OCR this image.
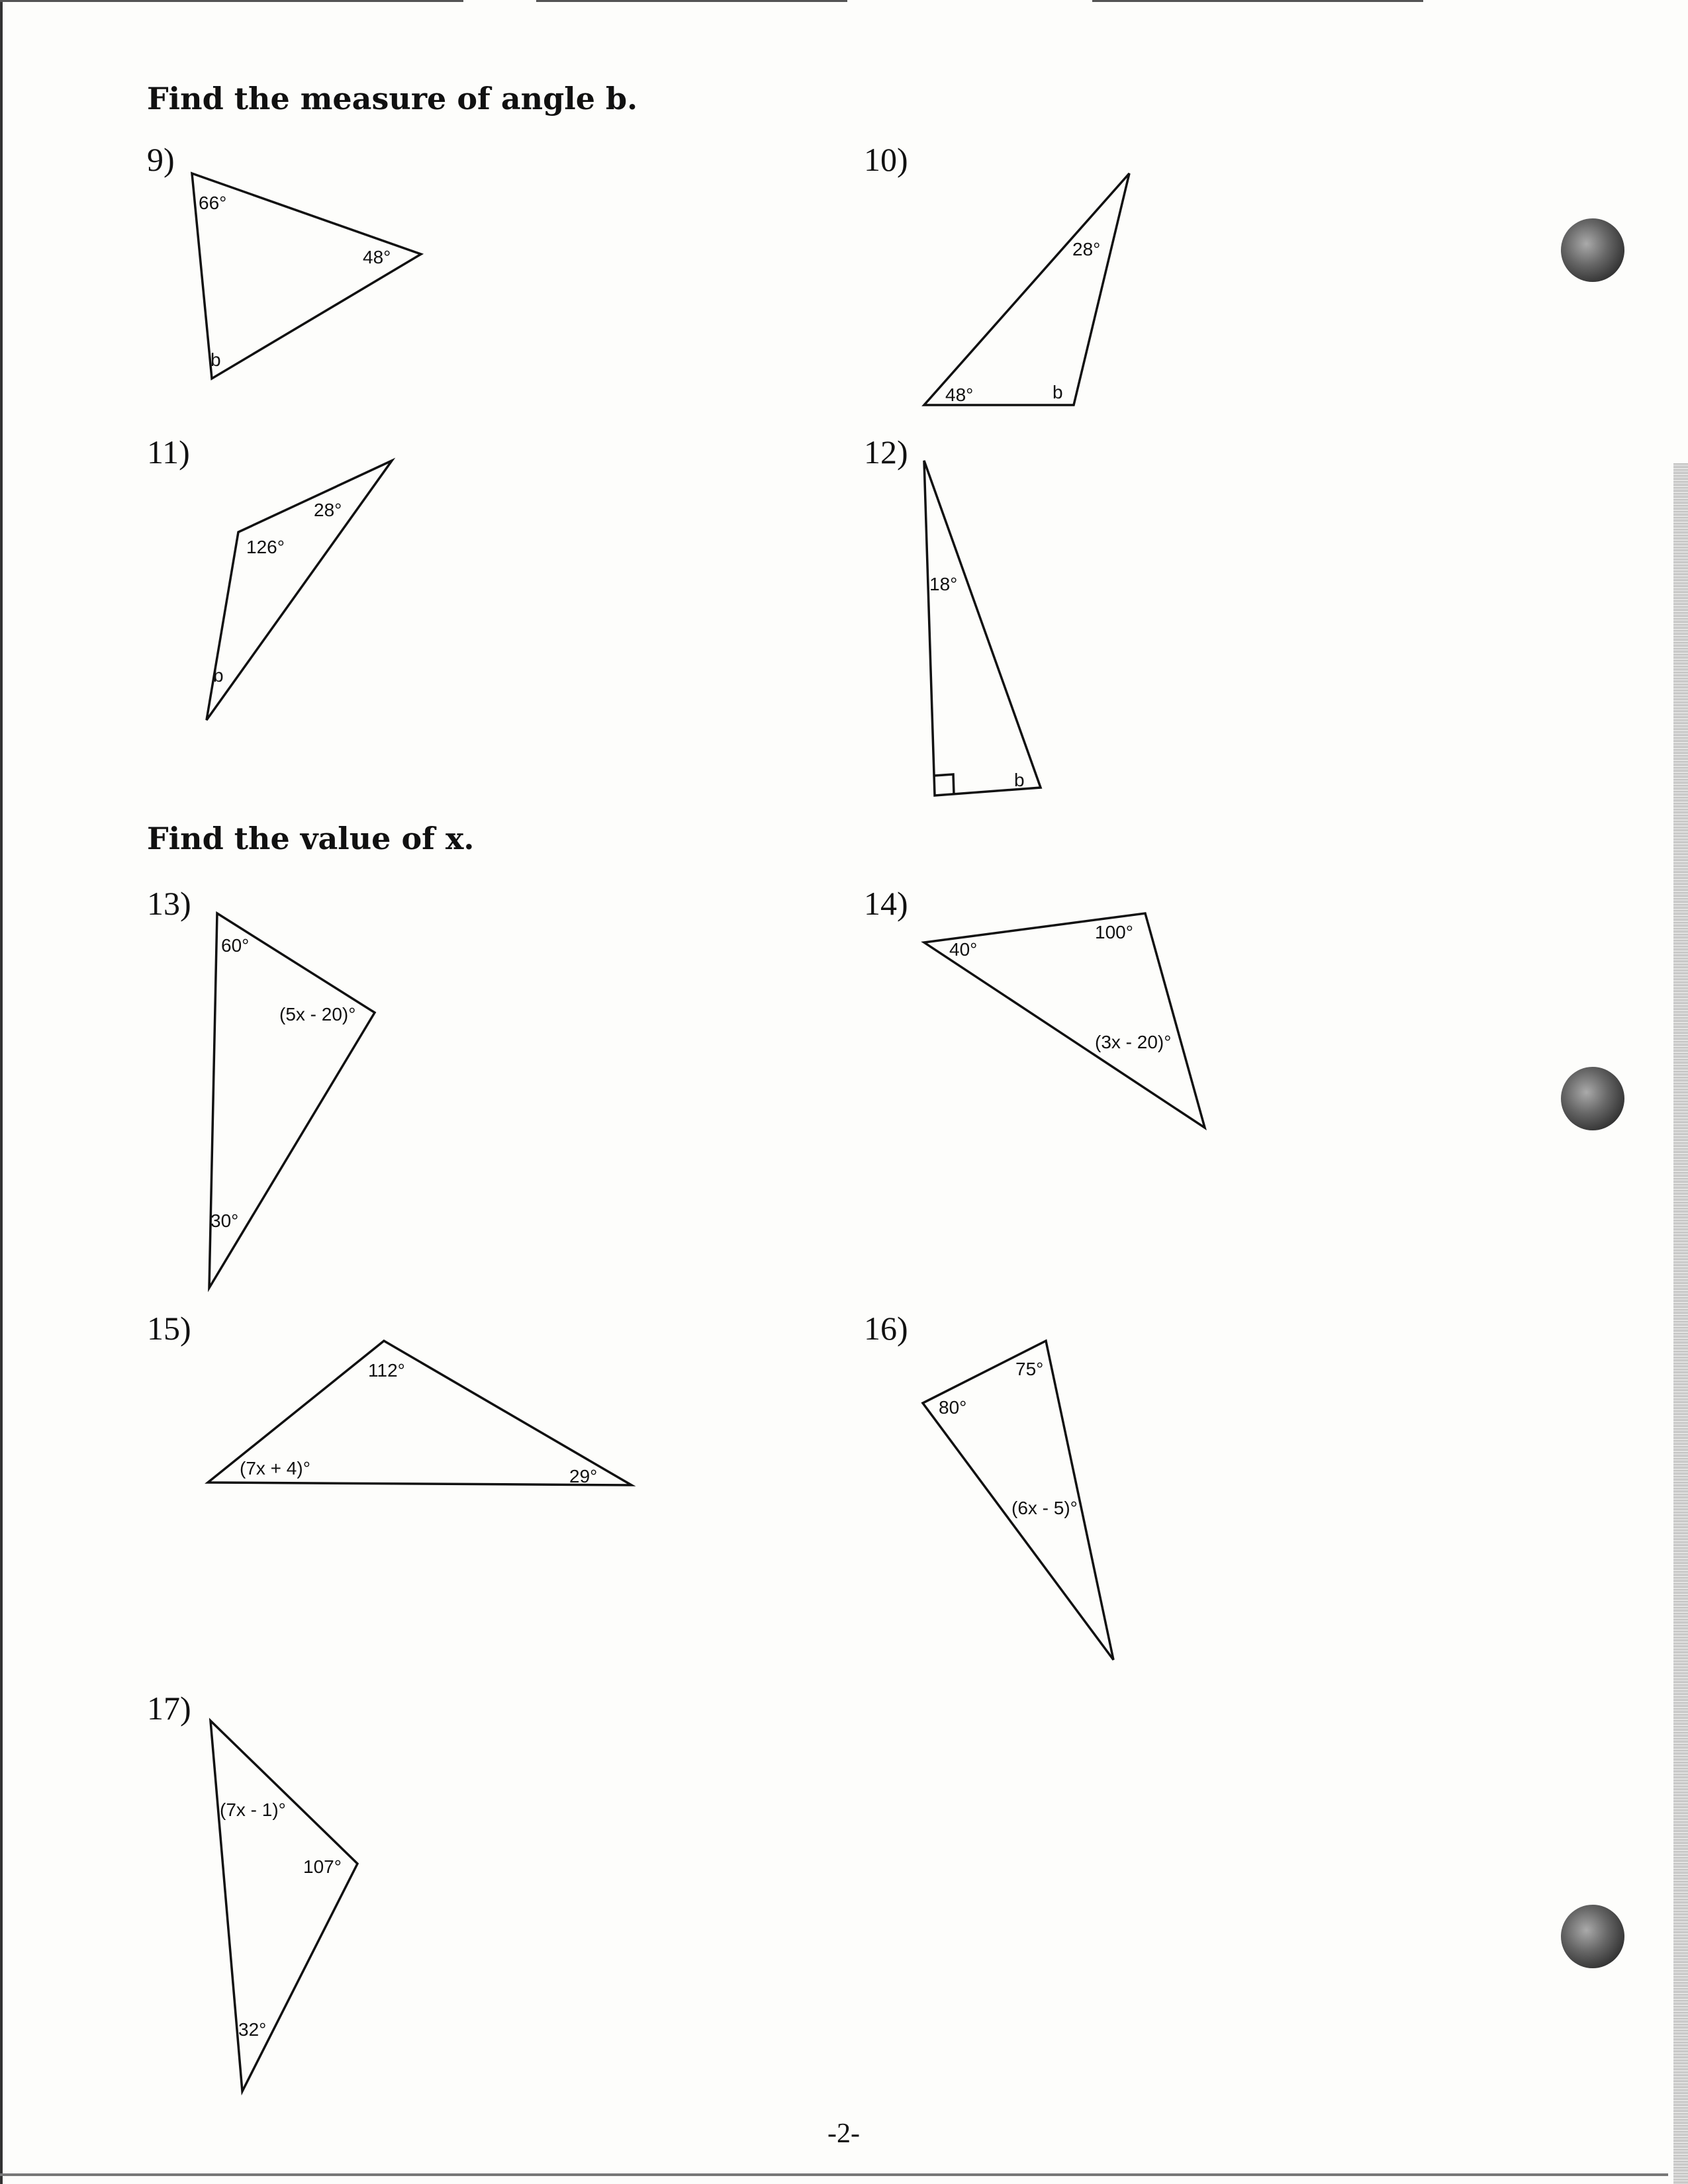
Find the measure of angle b.
Find the value of x.
9)	10)
11)	12)
13)	14)
15)	16)
17)
66°
48°
b
28°
48°	b
28°
126°
b
18°
b
60°
(5x - 20)°
30°
40°
100°
(3x - 20)°
112°
(7x + 4)°	29°
75°
80°
(6x - 5)°
(7x - 1)°
107°
32°
-2-
